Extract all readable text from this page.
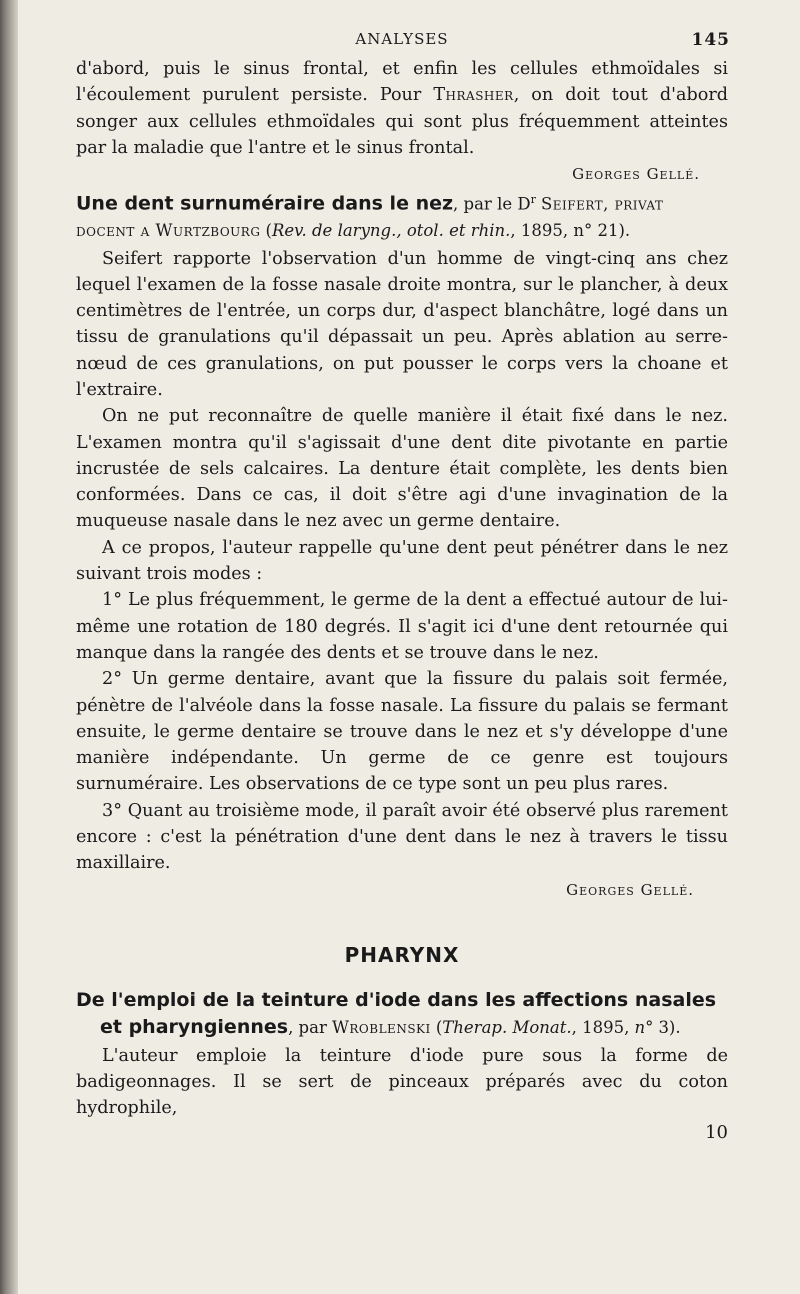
ANALYSES	145

d'abord, puis le sinus frontal, et enfin les cellules ethmoïdales si l'écoulement purulent persiste. Pour Thrasher, on doit tout d'abord songer aux cellules ethmoïdales qui sont plus fréquemment atteintes par la maladie que l'antre et le sinus frontal.

Georges Gellé.
Une dent surnuméraire dans le nez, par le $D^r$ Seifert, privat docent a Wurtzbourg (Rev. de laryng., otol. et rhin., 1895, n° 21).

Seifert rapporte l'observation d'un homme de vingt-cinq ans chez lequel l'examen de la fosse nasale droite montra, sur le plancher, à deux centimètres de l'entrée, un corps dur, d'aspect blanchâtre, logé dans un tissu de granulations qu'il dépassait un peu. Après ablation au serre-nœud de ces granulations, on put pousser le corps vers la choane et l'extraire.

On ne put reconnaître de quelle manière il était fixé dans le nez. L'examen montra qu'il s'agissait d'une dent dite pivotante en partie incrustée de sels calcaires. La denture était complète, les dents bien conformées. Dans ce cas, il doit s'être agi d'une invagination de la muqueuse nasale dans le nez avec un germe dentaire.

A ce propos, l'auteur rappelle qu'une dent peut pénétrer dans le nez suivant trois modes :

1° Le plus fréquemment, le germe de la dent a effectué autour de lui-même une rotation de 180 degrés. Il s'agit ici d'une dent retournée qui manque dans la rangée des dents et se trouve dans le nez.

2° Un germe dentaire, avant que la fissure du palais soit fermée, pénètre de l'alvéole dans la fosse nasale. La fissure du palais se fermant ensuite, le germe dentaire se trouve dans le nez et s'y développe d'une manière indépendante. Un germe de ce genre est toujours surnuméraire. Les observations de ce type sont un peu plus rares.

3° Quant au troisième mode, il paraît avoir été observé plus rarement encore : c'est la pénétration d'une dent dans le nez à travers le tissu maxillaire.

Georges Gellé.
PHARYNX
De l'emploi de la teinture d'iode dans les affections nasales et pharyngiennes, par Wroblenski (Therap. Monat., 1895, n° 3).

L'auteur emploie la teinture d'iode pure sous la forme de badigeonnages. Il se sert de pinceaux préparés avec du coton hydrophile,

10
